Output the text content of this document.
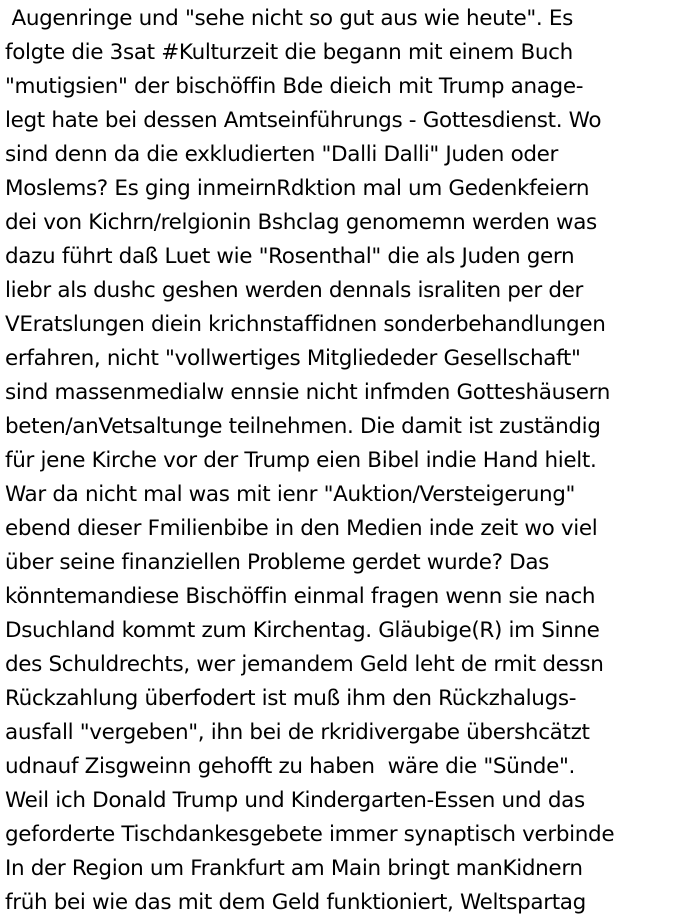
Augenringe und "sehe nicht so gut aus wie heute". Es
folgte die 3sat #Kulturzeit die begann mit einem Buch
"mutigsien" der bischöffin Bde dieich mit Trump anage-
legt hate bei dessen Amtseinführungs - Gottesdienst. Wo
sind denn da die exkludierten "Dalli Dalli" Juden oder
Moslems? Es ging inmeirnRdktion mal um Gedenkfeiern
dei von Kichrn/relgionin Bshclag genomemn werden was
dazu führt daß Luet wie "Rosenthal" die als Juden gern
liebr als dushc geshen werden dennals israliten per der
VEratslungen diein krichnstaffidnen sonderbehandlungen
erfahren, nicht "vollwertiges Mitgliededer Gesellschaft"
sind massenmedialw ennsie nicht infmden Gotteshäusern
beten/anVetsaltunge teilnehmen. Die damit ist zuständig
für jene Kirche vor der Trump eien Bibel indie Hand hielt.
War da nicht mal was mit ienr "Auktion/Versteigerung"
ebend dieser Fmilienbibe in den Medien inde zeit wo viel
über seine finanziellen Probleme gerdet wurde? Das
könntemandiese Bischöffin einmal fragen wenn sie nach
Dsuchland kommt zum Kirchentag. Gläubige(R) im Sinne
des Schuldrechts, wer jemandem Geld leht de rmit dessn
Rückzahlung überfodert ist muß ihm den Rückzhalugs-
ausfall "vergeben", ihn bei de rkridivergabe übershcätzt
udnauf Zisgweinn gehofft zu haben  wäre die "Sünde".
Weil ich Donald Trump und Kindergarten-Essen und das
geforderte Tischdankesgebete immer synaptisch verbinde
In der Region um Frankfurt am Main bringt manKidnern
früh bei wie das mit dem Geld funktioniert, Weltspartag
